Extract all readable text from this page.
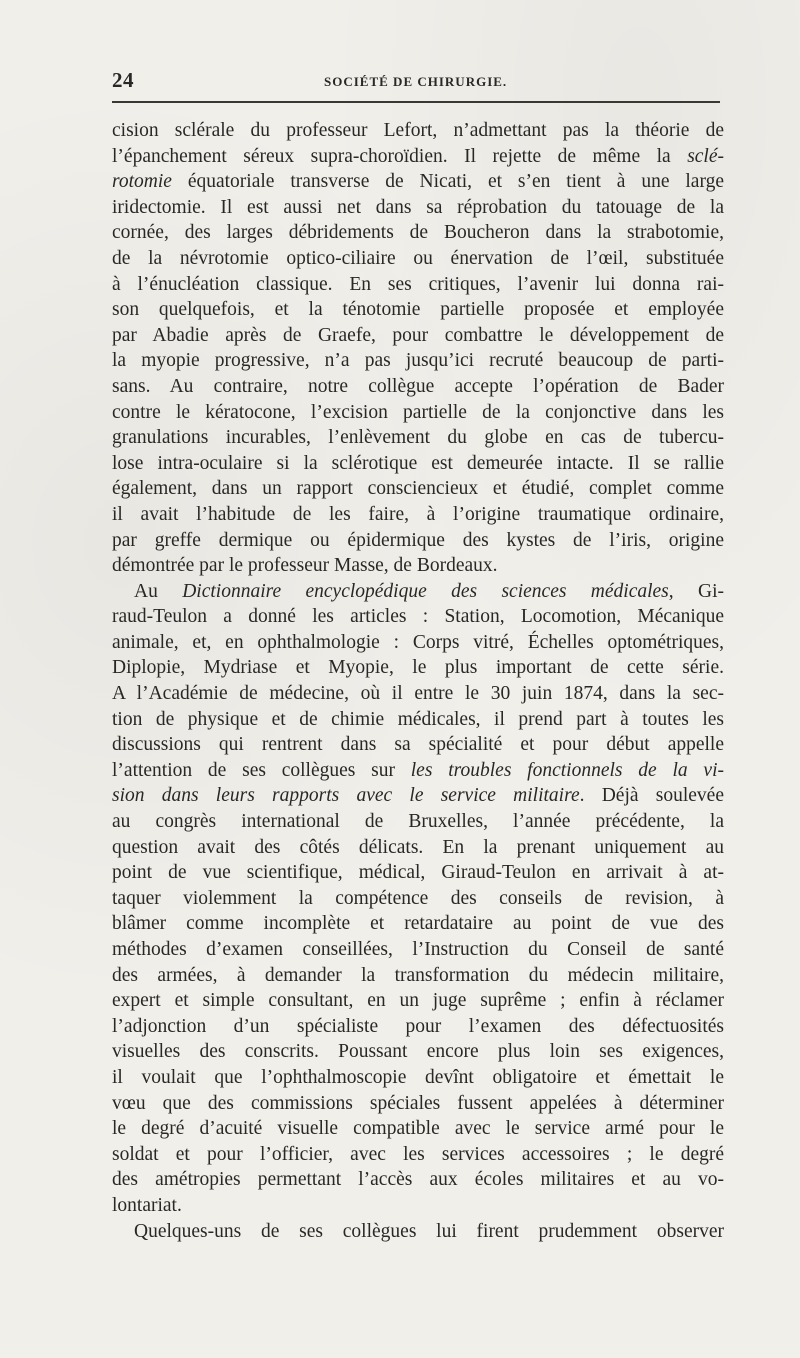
24	SOCIÉTÉ DE CHIRURGIE.
cision sclérale du professeur Lefort, n’admettant pas la théorie de
l’épanchement séreux supra-choroïdien. Il rejette de même la sclé-
rotomie équatoriale transverse de Nicati, et s’en tient à une large
iridectomie. Il est aussi net dans sa réprobation du tatouage de la
cornée, des larges débridements de Boucheron dans la strabotomie,
de la névrotomie optico-ciliaire ou énervation de l’œil, substituée
à l’énucléation classique. En ses critiques, l’avenir lui donna rai-
son quelquefois, et la ténotomie partielle proposée et employée
par Abadie après de Graefe, pour combattre le développement de
la myopie progressive, n’a pas jusqu’ici recruté beaucoup de parti-
sans. Au contraire, notre collègue accepte l’opération de Bader
contre le kératocone, l’excision partielle de la conjonctive dans les
granulations incurables, l’enlèvement du globe en cas de tubercu-
lose intra-oculaire si la sclérotique est demeurée intacte. Il se rallie
également, dans un rapport consciencieux et étudié, complet comme
il avait l’habitude de les faire, à l’origine traumatique ordinaire,
par greffe dermique ou épidermique des kystes de l’iris, origine
démontrée par le professeur Masse, de Bordeaux.
Au Dictionnaire encyclopédique des sciences médicales, Gi-
raud-Teulon a donné les articles : Station, Locomotion, Mécanique
animale, et, en ophthalmologie : Corps vitré, Échelles optométriques,
Diplopie, Mydriase et Myopie, le plus important de cette série.
A l’Académie de médecine, où il entre le 30 juin 1874, dans la sec-
tion de physique et de chimie médicales, il prend part à toutes les
discussions qui rentrent dans sa spécialité et pour début appelle
l’attention de ses collègues sur les troubles fonctionnels de la vi-
sion dans leurs rapports avec le service militaire. Déjà soulevée
au congrès international de Bruxelles, l’année précédente, la
question avait des côtés délicats. En la prenant uniquement au
point de vue scientifique, médical, Giraud-Teulon en arrivait à at-
taquer violemment la compétence des conseils de revision, à
blâmer comme incomplète et retardataire au point de vue des
méthodes d’examen conseillées, l’Instruction du Conseil de santé
des armées, à demander la transformation du médecin militaire,
expert et simple consultant, en un juge suprême ; enfin à réclamer
l’adjonction d’un spécialiste pour l’examen des défectuosités
visuelles des conscrits. Poussant encore plus loin ses exigences,
il voulait que l’ophthalmoscopie devînt obligatoire et émettait le
vœu que des commissions spéciales fussent appelées à déterminer
le degré d’acuité visuelle compatible avec le service armé pour le
soldat et pour l’officier, avec les services accessoires ; le degré
des amétropies permettant l’accès aux écoles militaires et au vo-
lontariat.
Quelques-uns de ses collègues lui firent prudemment observer
